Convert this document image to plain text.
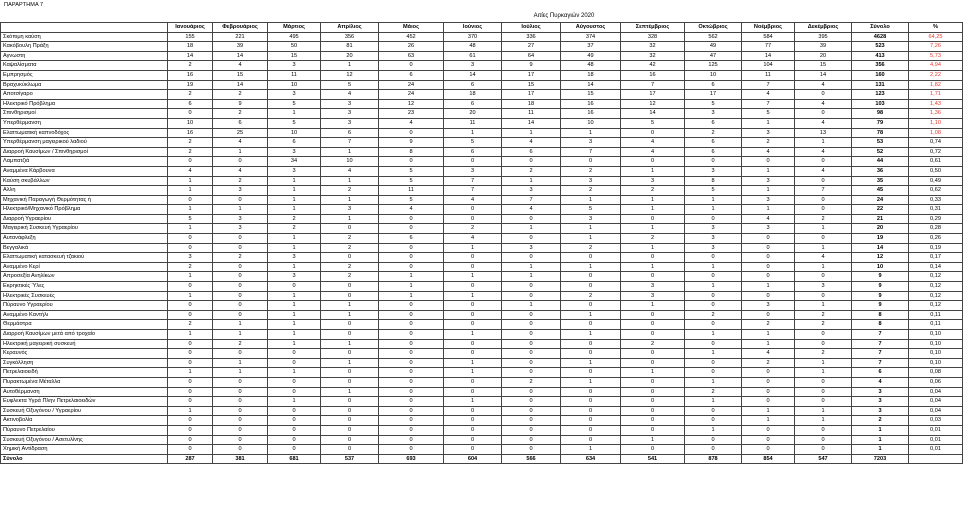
ΠΑΡΑΡΤΗΜΑ 7
Αιτίες Πυρκαγιών 2020
	Ιανουάριος	Φεβρουάριος	Μάρτιος	Απρίλιος	Μάιος	Ιούνιος	Ιούλιος	Αύγουστος	Σεπτέμβριος	Οκτώβριος	Νοέμβριος	Δεκέμβριος	Σύνολο	%
Σκόπιμη καύση	155	221	495	356	452	370	336	374	328	562	584	395	4628	64,25
Κακόβουλη Πράξη	18	39	50	81	26	48	27	37	32	49	77	39	523	7,26
Αγνωστη	14	14	15	20	63	61	64	49	32	47	14	20	413	5,73
Καψαλίσματα	2	4	3	1	0	3	9	48	42	125	104	15	356	4,94
Εμπρησμός	16	15	11	12	6	14	17	18	16	10	11	14	160	2,22
Βραχυκύκλωμα	19	14	10	5	24	6	15	14	7	6	7	4	131	1,82
Αποτσίγαρο	2	2	3	4	24	18	17	15	17	17	4	0	123	1,71
Ηλεκτρικό Πρόβλημα	6	9	5	3	12	6	18	16	12	5	7	4	103	1,43
Σπινθηρισμοί	0	2	1	3	23	20	11	16	14	3	5	0	98	1,36
Υπερθέρμανση	10	6	5	3	4	11	14	10	5	6	1	4	79	1,10
Ελαττωματική καπνοδόχος	16	25	10	6	0	1	1	1	0	2	3	13	78	1,08
Υπερθέρμανση μαγειρικού λαδιού	2	4	6	7	9	5	4	3	4	6	2	1	53	0,74
Διαρροή Καυσίμων / Σπινθηρισμοί	2	1	3	1	8	6	6	7	4	6	4	4	52	0,72
Λαμπατζιά	0	0	34	10	0	0	0	0	0	0	0	0	44	0,61
Αναμμένα Κάρβουνα	4	4	3	4	5	3	2	2	1	3	1	4	36	0,50
Καύση σκυβάλλων	1	2	1	1	5	7	1	3	3	8	3	0	35	0,49
Αλλη	1	3	1	2	11	7	3	2	2	5	1	7	45	0,62
Μηχανική Παραγωγή Θερμότητας ή	0	0	1	1	5	4	7	1	1	1	3	0	24	0,33
Ηλεκτρικό/Μηχανικό Πρόβλημα	1	1	1	3	4	0	4	5	1	1	1	0	22	0,31
Διαρροή Υγραερίου	5	3	2	1	0	0	0	3	0	0	4	2	21	0,29
Μαγειρική Συσκευή Υγραερίου	1	3	2	0	0	2	1	1	1	3	3	1	20	0,28
Αυτανάφλεξη	0	0	1	2	6	4	0	1	2	3	0	0	19	0,26
Βεγγαλικά	0	0	1	2	0	1	3	2	1	3	0	1	14	0,19
Ελαττωματική κατασκευή τζακιού	3	2	3	0	0	0	0	0	0	0	0	4	12	0,17
Αναμμένο Κερί	2	0	1	2	0	0	1	1	1	1	0	1	10	0,14
Απροσεξία Ανηλίκων	1	0	3	2	1	1	1	0	0	0	0	0	9	0,12
Εκρηκτικές Ύλες	0	0	0	0	1	0	0	0	3	1	1	3	9	0,12
Ηλεκτρικές Συσκευές	1	0	1	0	1	1	0	2	3	0	0	0	9	0,12
Πύραυνο Υγραερίου	0	0	1	1	0	0	1	0	1	0	3	1	9	0,12
Αναμμένο Καντήλι	0	0	1	1	0	0	0	1	0	2	0	2	8	0,11
Θερμάστρα	2	1	1	0	0	0	0	0	0	0	2	2	8	0,11
Διαρροή Καυσίμων μετά από τροχαίο	1	1	1	0	0	1	0	1	0	1	1	0	7	0,10
Ηλεκτρική μαγειρική συσκευή	0	2	1	1	0	0	0	0	2	0	1	0	7	0,10
Κεραυνός	0	0	0	0	0	0	0	0	0	1	4	2	7	0,10
Συγκόλληση	0	1	0	1	0	1	0	1	0	0	2	1	7	0,10
Πετρελαιοειδή	1	1	1	0	0	1	0	0	1	0	0	1	6	0,08
Πυρακτωμένα Μέταλλα	0	0	0	0	0	0	2	1	0	1	0	0	4	0,06
Αυτοθέρμανση	0	0	0	1	0	0	0	0	0	2	0	0	3	0,04
Ευφλεκτα Υγρά Πλην Πετρελαιοειδών	0	0	1	0	0	1	0	0	0	1	0	0	3	0,04
Συσκευή Οξυγόνου / Υγραερίου	1	0	0	0	0	0	0	0	0	0	1	1	3	0,04
Ακτινοβολία	0	0	0	0	0	0	0	0	0	0	1	1	2	0,03
Πύραυνο Πετρελαίου	0	0	0	0	0	0	0	0	0	1	0	0	1	0,01
Συσκευή Οξυγόνου / Ασετυλίνης	0	0	0	0	0	0	0	0	1	0	0	0	1	0,01
Χημική Αντίδραση	0	0	0	0	0	0	0	1	0	0	0	0	1	0,01
Σύνολο	287	381	681	537	693	604	566	634	541	878	854	547	7203	
